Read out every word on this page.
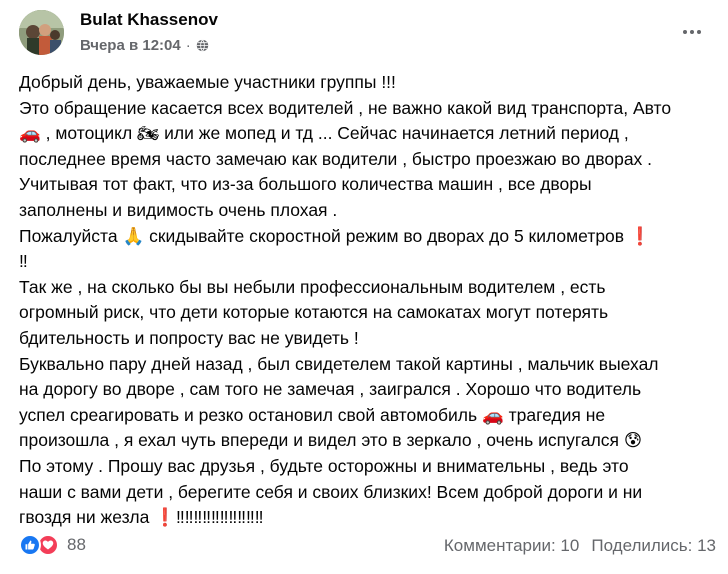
Bulat Khassenov
Вчера в 12:04 ·
Добрый день, уважаемые участники группы !!!
Это обращение касается всех водителей , не важно какой вид транспорта, Авто
🚗 , мотоцикл 🏍 или же мопед и тд ... Сейчас начинается летний период ,
последнее время часто замечаю как водители , быстро проезжаю во дворах .
Учитывая тот факт, что из-за большого количества машин , все дворы
заполнены и видимость очень плохая .
Пожалуйста 🙏 скидывайте скоростной режим во дворах до 5 километров ❗
‼
Так же , на сколько бы вы небыли профессиональным водителем , есть
огромный риск, что дети которые котаются на самокатах могут потерять
бдительность и попросту вас не увидеть !
Буквально пару дней назад , был свидетелем такой картины , мальчик выехал
на дорогу во дворе , сам того не замечая , заигрался . Хорошо что водитель
успел среагировать и резко остановил свой автомобиль 🚗 трагедия не
произошла , я ехал чуть впереди и видел это в зеркало , очень испугался 😰
По этому . Прошу вас друзья , будьте осторожны и внимательны , ведь это
наши с вами дети , берегите себя и своих близких! Всем доброй дороги и ни
гвоздя ни жезла ❗‼‼‼‼‼‼‼‼‼‼
88	Комментарии: 10 Поделились: 13
